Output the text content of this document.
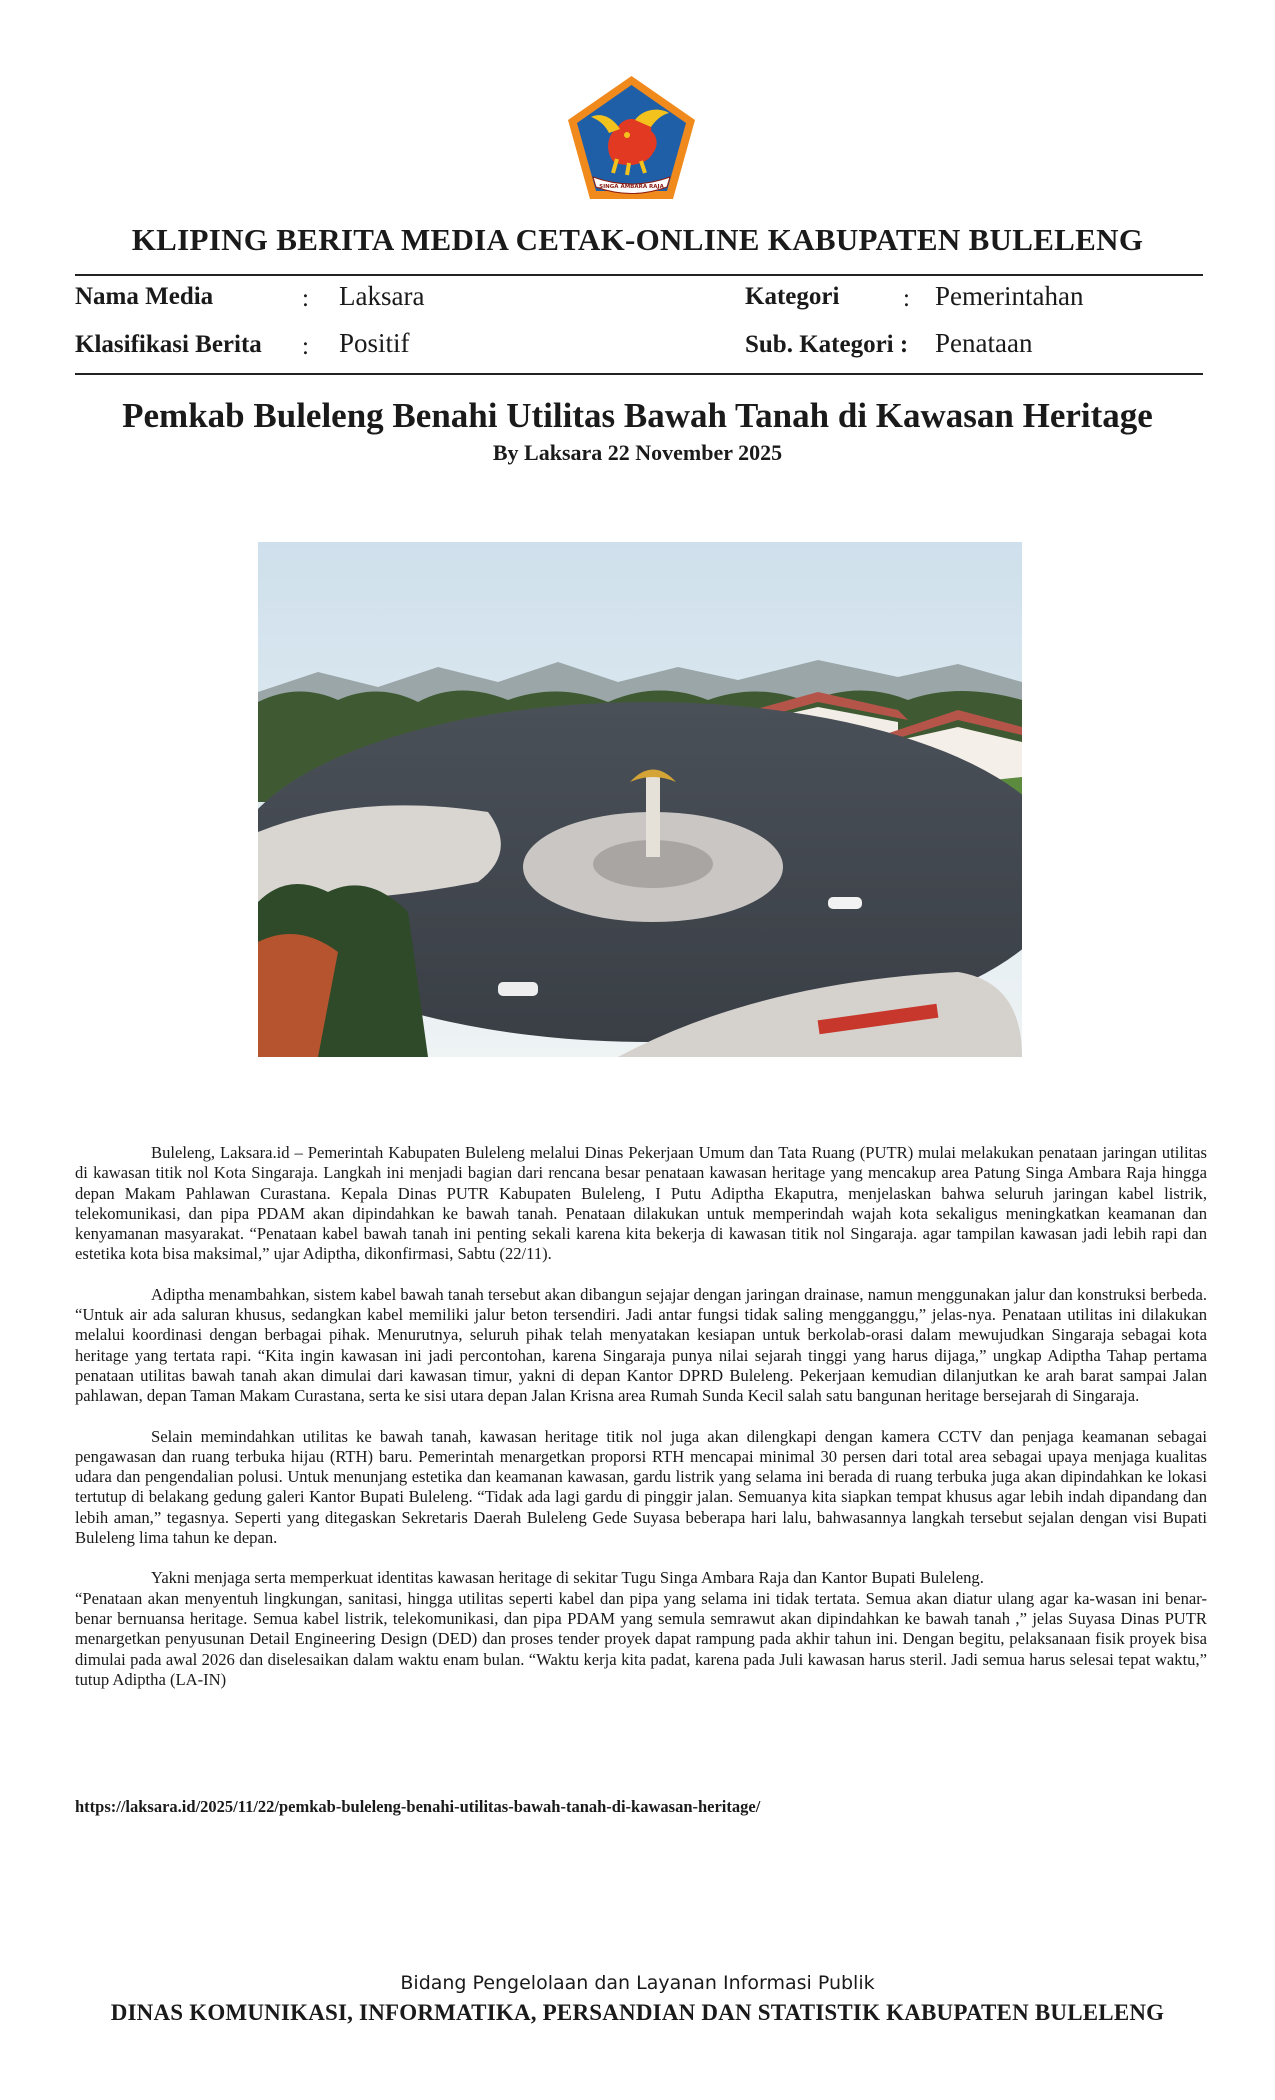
SINGA AMBARA RAJA
KLIPING BERITA MEDIA CETAK-ONLINE KABUPATEN BULELENG
Nama Media	: Laksara	Kategori	: Pemerintahan
Klasifikasi Berita : Positif	Sub. Kategori : Penataan
Pemkab Buleleng Benahi Utilitas Bawah Tanah di Kawasan Heritage
By Laksara 22 November 2025

Buleleng, Laksara.id – Pemerintah Kabupaten Buleleng melalui Dinas Pekerjaan Umum dan Tata Ruang (PUTR) mulai melakukan penataan jaringan utilitas di kawasan titik nol Kota Singaraja. Langkah ini menjadi bagian dari rencana besar penataan kawasan heritage yang mencakup area Patung Singa Ambara Raja hingga depan Makam Pahlawan Curastana. Kepala Dinas PUTR Kabupaten Buleleng, I Putu Adiptha Ekaputra, menjelaskan bahwa seluruh jaringan kabel listrik, telekomunikasi, dan pipa PDAM akan dipindahkan ke bawah tanah. Penataan dilakukan untuk memperindah wajah kota sekaligus meningkatkan keamanan dan kenyamanan masyarakat. “Penataan kabel bawah tanah ini penting sekali karena kita bekerja di kawasan titik nol Singaraja. agar tampilan kawasan jadi lebih rapi dan estetika kota bisa maksimal,” ujar Adiptha, dikonfirmasi, Sabtu (22/11).

Adiptha menambahkan, sistem kabel bawah tanah tersebut akan dibangun sejajar dengan jaringan drainase, namun menggunakan jalur dan konstruksi berbeda. “Untuk air ada saluran khusus, sedangkan kabel memiliki jalur beton tersendiri. Jadi antar fungsi tidak saling mengganggu,” jelas-nya. Penataan utilitas ini dilakukan melalui koordinasi dengan berbagai pihak. Menurutnya, seluruh pihak telah menyatakan kesiapan untuk berkolab-orasi dalam mewujudkan Singaraja sebagai kota heritage yang tertata rapi. “Kita ingin kawasan ini jadi percontohan, karena Singaraja punya nilai sejarah tinggi yang harus dijaga,” ungkap Adiptha Tahap pertama penataan utilitas bawah tanah akan dimulai dari kawasan timur, yakni di depan Kantor DPRD Buleleng. Pekerjaan kemudian dilanjutkan ke arah barat sampai Jalan pahlawan, depan Taman Makam Curastana, serta ke sisi utara depan Jalan Krisna area Rumah Sunda Kecil salah satu bangunan heritage bersejarah di Singaraja.

Selain memindahkan utilitas ke bawah tanah, kawasan heritage titik nol juga akan dilengkapi dengan kamera CCTV dan penjaga keamanan sebagai pengawasan dan ruang terbuka hijau (RTH) baru. Pemerintah menargetkan proporsi RTH mencapai minimal 30 persen dari total area sebagai upaya menjaga kualitas udara dan pengendalian polusi. Untuk menunjang estetika dan keamanan kawasan, gardu listrik yang selama ini berada di ruang terbuka juga akan dipindahkan ke lokasi tertutup di belakang gedung galeri Kantor Bupati Buleleng. “Tidak ada lagi gardu di pinggir jalan. Semuanya kita siapkan tempat khusus agar lebih indah dipandang dan lebih aman,” tegasnya. Seperti yang ditegaskan Sekretaris Daerah Buleleng Gede Suyasa beberapa hari lalu, bahwasannya langkah tersebut sejalan dengan visi Bupati Buleleng lima tahun ke depan.

Yakni menjaga serta memperkuat identitas kawasan heritage di sekitar Tugu Singa Ambara Raja dan Kantor Bupati Buleleng.

“Penataan akan menyentuh lingkungan, sanitasi, hingga utilitas seperti kabel dan pipa yang selama ini tidak tertata. Semua akan diatur ulang agar ka-wasan ini benar-benar bernuansa heritage. Semua kabel listrik, telekomunikasi, dan pipa PDAM yang semula semrawut akan dipindahkan ke bawah tanah ,” jelas Suyasa Dinas PUTR menargetkan penyusunan Detail Engineering Design (DED) dan proses tender proyek dapat rampung pada akhir tahun ini. Dengan begitu, pelaksanaan fisik proyek bisa dimulai pada awal 2026 dan diselesaikan dalam waktu enam bulan. “Waktu kerja kita padat, karena pada Juli kawasan harus steril. Jadi semua harus selesai tepat waktu,” tutup Adiptha (LA-IN)

https://laksara.id/2025/11/22/pemkab-buleleng-benahi-utilitas-bawah-tanah-di-kawasan-heritage/
Bidang Pengelolaan dan Layanan Informasi Publik
DINAS KOMUNIKASI, INFORMATIKA, PERSANDIAN DAN STATISTIK KABUPATEN BULELENG
